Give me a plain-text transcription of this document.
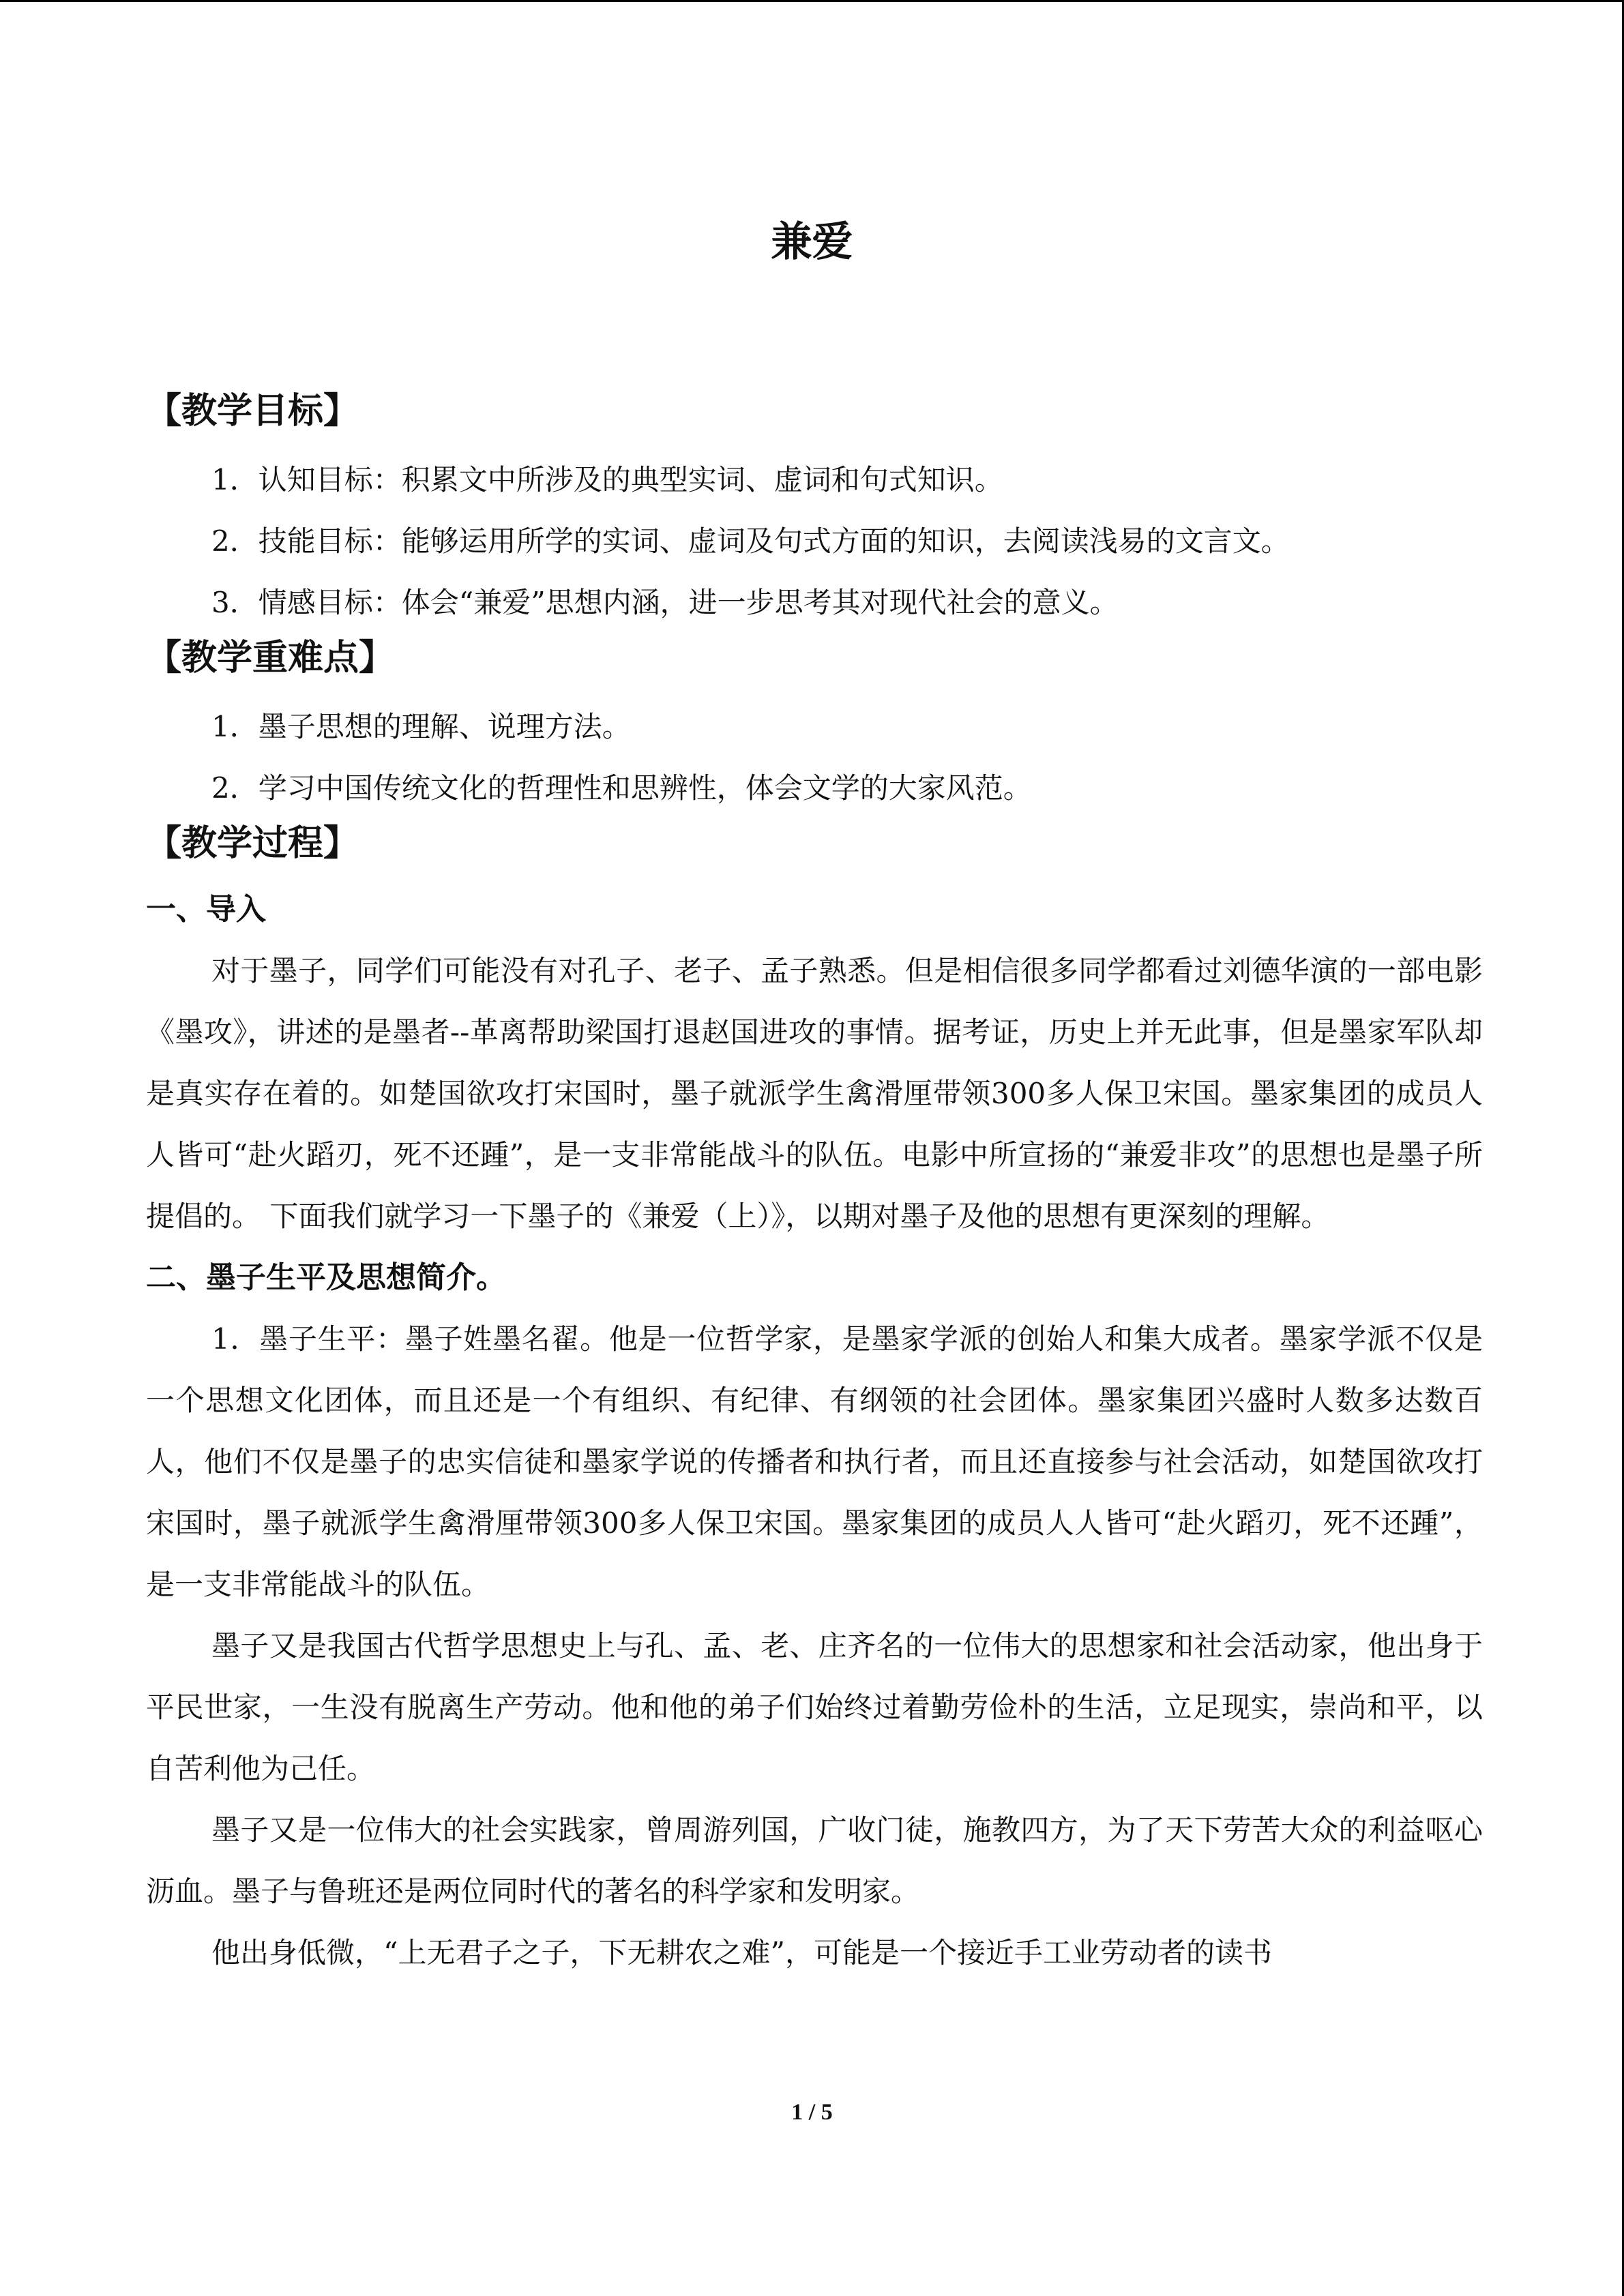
兼爱
【教学目标】

1．认知目标：积累文中所涉及的典型实词、虚词和句式知识。

2．技能目标：能够运用所学的实词、虚词及句式方面的知识，去阅读浅易的文言文。

3．情感目标：体会“兼爱”思想内涵，进一步思考其对现代社会的意义。

【教学重难点】

1．墨子思想的理解、说理方法。

2．学习中国传统文化的哲理性和思辨性，体会文学的大家风范。

【教学过程】
一、导入

对于墨子，同学们可能没有对孔子、老子、孟子熟悉。但是相信很多同学都看过刘德华演的一部电影《墨攻》，讲述的是墨者--革离帮助梁国打退赵国进攻的事情。据考证，历史上并无此事，但是墨家军队却是真实存在着的。如楚国欲攻打宋国时，墨子就派学生禽滑厘带领300多人保卫宋国。墨家集团的成员人人皆可“赴火蹈刃，死不还踵”，是一支非常能战斗的队伍。电影中所宣扬的“兼爱非攻”的思想也是墨子所提倡的。 下面我们就学习一下墨子的《兼爱（上）》，以期对墨子及他的思想有更深刻的理解。

二、墨子生平及思想简介。

1．墨子生平：墨子姓墨名翟。他是一位哲学家，是墨家学派的创始人和集大成者。墨家学派不仅是一个思想文化团体，而且还是一个有组织、有纪律、有纲领的社会团体。墨家集团兴盛时人数多达数百人，他们不仅是墨子的忠实信徒和墨家学说的传播者和执行者，而且还直接参与社会活动，如楚国欲攻打宋国时，墨子就派学生禽滑厘带领300多人保卫宋国。墨家集团的成员人人皆可“赴火蹈刃，死不还踵”，是一支非常能战斗的队伍。

墨子又是我国古代哲学思想史上与孔、孟、老、庄齐名的一位伟大的思想家和社会活动家，他出身于平民世家，一生没有脱离生产劳动。他和他的弟子们始终过着勤劳俭朴的生活，立足现实，崇尚和平，以自苦利他为己任。

墨子又是一位伟大的社会实践家，曾周游列国，广收门徒，施教四方，为了天下劳苦大众的利益呕心沥血。墨子与鲁班还是两位同时代的著名的科学家和发明家。

他出身低微，“上无君子之子，下无耕农之难”，可能是一个接近手工业劳动者的读书

1 / 5
